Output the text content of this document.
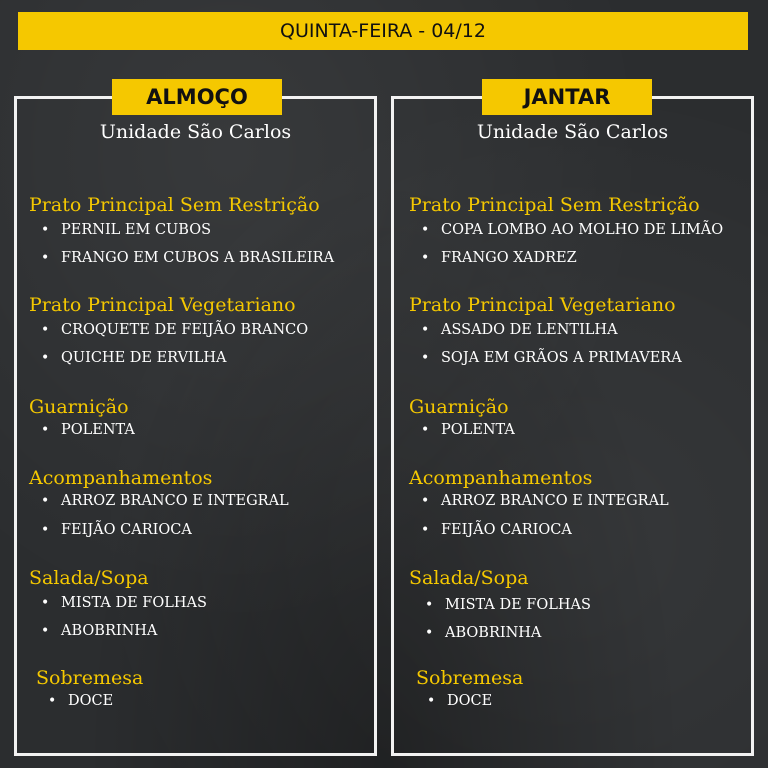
QUINTA-FEIRA - 04/12
ALMOÇO	JANTAR
Unidade São Carlos
Prato Principal Sem Restrição
• PERNIL EM CUBOS
• FRANGO EM CUBOS A BRASILEIRA
Prato Principal Vegetariano
• CROQUETE DE FEIJÃO BRANCO
• QUICHE DE ERVILHA
Guarnição
• POLENTA
Acompanhamentos
• ARROZ BRANCO E INTEGRAL
• FEIJÃO CARIOCA
Salada/Sopa
• MISTA DE FOLHAS
• ABOBRINHA
Sobremesa
• DOCE
Unidade São Carlos
Prato Principal Sem Restrição
• COPA LOMBO AO MOLHO DE LIMÃO
• FRANGO XADREZ
Prato Principal Vegetariano
• ASSADO DE LENTILHA
• SOJA EM GRÃOS A PRIMAVERA
Guarnição
• POLENTA
Acompanhamentos
• ARROZ BRANCO E INTEGRAL
• FEIJÃO CARIOCA
Salada/Sopa
• MISTA DE FOLHAS
• ABOBRINHA
Sobremesa
• DOCE
